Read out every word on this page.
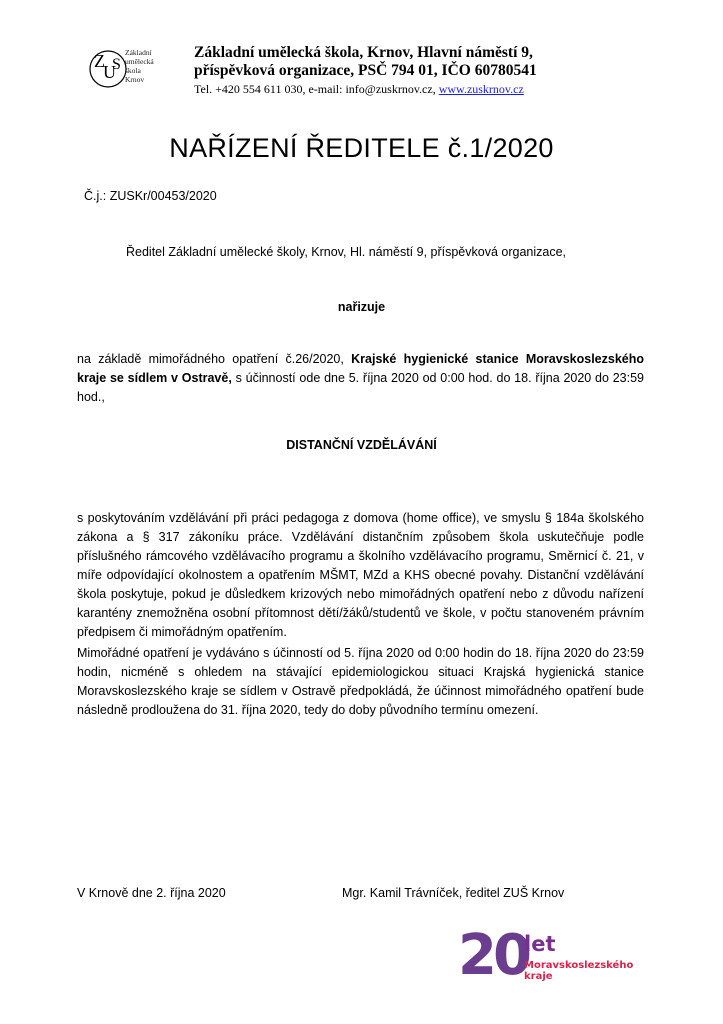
Z
U
S
Základní
umělecká
škola
Krnov
Základní umělecká škola, Krnov, Hlavní náměstí 9,
příspěvková organizace, PSČ 794 01, IČO 60780541
Tel. +420 554 611 030, e-mail: info@zuskrnov.cz, www.zuskrnov.cz
NAŘÍZENÍ ŘEDITELE č.1/2020
Č.j.: ZUSKr/00453/2020
Ředitel Základní umělecké školy, Krnov, Hl. náměstí 9, příspěvková organizace,
nařizuje
na základě mimořádného opatření č.26/2020, Krajské hygienické stanice Moravskoslezského kraje se sídlem v Ostravě, s účinností ode dne 5. října 2020 od 0:00 hod. do 18. října 2020 do 23:59 hod.,
DISTANČNÍ VZDĚLÁVÁNÍ
s poskytováním vzdělávání při práci pedagoga z domova (home office), ve smyslu § 184a školského zákona a § 317 zákoníku práce. Vzdělávání distančním způsobem škola uskutečňuje podle příslušného rámcového vzdělávacího programu a školního vzdělávacího programu, Směrnicí č. 21, v míře odpovídající okolnostem a opatřením MŠMT, MZd a KHS obecné povahy. Distanční vzdělávání škola poskytuje, pokud je důsledkem krizových nebo mimořádných opatření nebo z důvodu nařízení karantény znemožněna osobní přítomnost dětí/žáků/studentů ve škole, v počtu stanoveném právním předpisem či mimořádným opatřením.
Mimořádné opatření je vydáváno s účinností od 5. října 2020 od 0:00 hodin do 18. října 2020 do 23:59 hodin, nicméně s ohledem na stávající epidemiologickou situaci Krajská hygienická stanice Moravskoslezského kraje se sídlem v Ostravě předpokládá, že účinnost mimořádného opatření bude následně prodloužena do 31. října 2020, tedy do doby původního termínu omezení.
V Krnově dne 2. října 2020	Mgr. Kamil Trávníček, ředitel ZUŠ Krnov
20
let
Moravskoslezského
kraje
